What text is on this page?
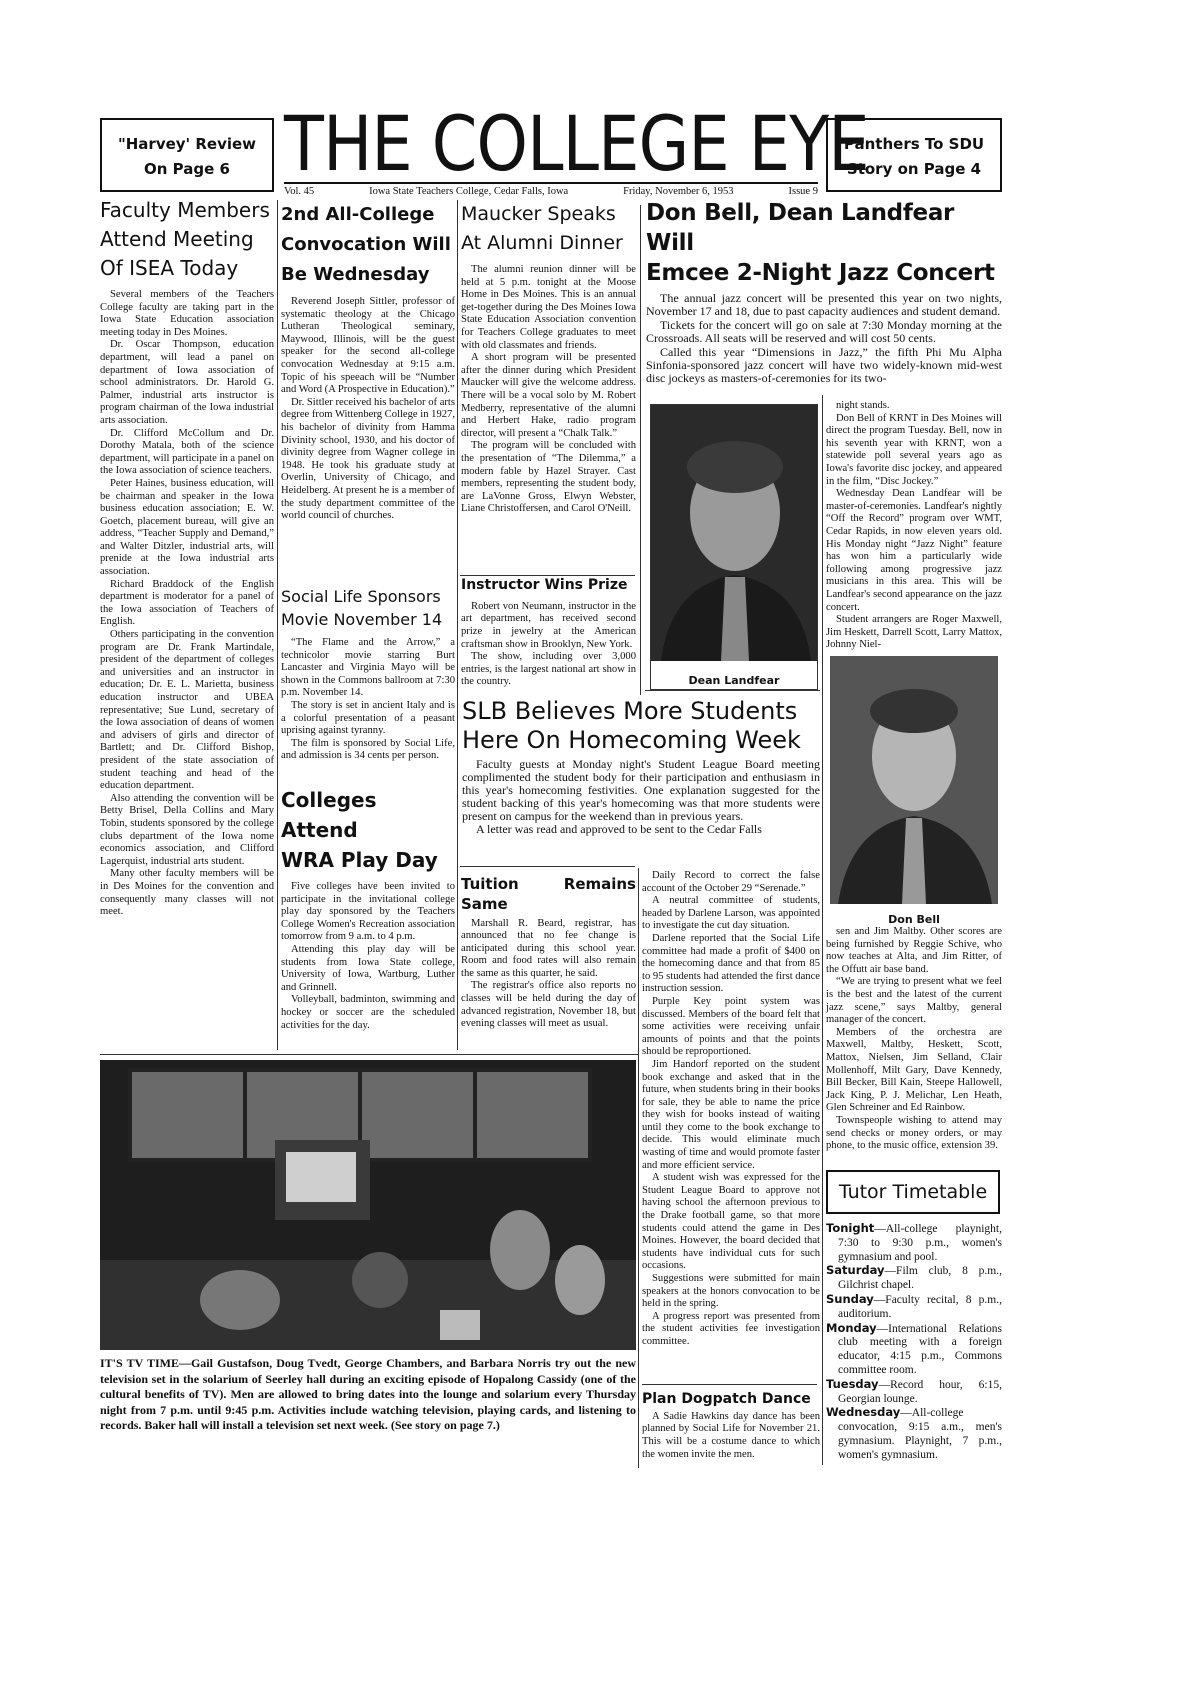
"Harvey' Review
On Page 6 THE COLLEGE EYE
Vol. 45	Iowa State Teachers College, Cedar Falls, Iowa	Friday, November 6, 1953	Issue 9
Panthers To SDU
Story on Page 4
Faculty Members
Attend Meeting
Of ISEA Today

Several members of the Teachers College faculty are taking part in the Iowa State Education association meeting today in Des Moines.

Dr. Oscar Thompson, education department, will lead a panel on department of Iowa association of school administrators. Dr. Harold G. Palmer, industrial arts instructor is program chairman of the Iowa industrial arts association.

Dr. Clifford McCollum and Dr. Dorothy Matala, both of the science department, will participate in a panel on the Iowa association of science teachers.

Peter Haines, business education, will be chairman and speaker in the Iowa business education association; E. W. Goetch, placement bureau, will give an address, “Teacher Supply and Demand,” and Walter Ditzler, industrial arts, will prenide at the Iowa industrial arts association.

Richard Braddock of the English department is moderator for a panel of the Iowa association of Teachers of English.

Others participating in the convention program are Dr. Frank Martindale, president of the department of colleges and universities and an instructor in education; Dr. E. L. Marietta, business education instructor and UBEA representative; Sue Lund, secretary of the Iowa association of deans of women and advisers of girls and director of Bartlett; and Dr. Clifford Bishop, president of the state association of student teaching and head of the education department.

Also attending the convention will be Betty Brisel, Della Collins and Mary Tobin, students sponsored by the college clubs department of the Iowa nome economics association, and Clifford Lagerquist, industrial arts student.

Many other faculty members will be in Des Moines for the convention and consequently many classes will not meet.

2nd All-College
Convocation Will
Be Wednesday

Reverend Joseph Sittler, professor of systematic theology at the Chicago Lutheran Theological seminary, Maywood, Illinois, will be the guest speaker for the second all-college convocation Wednesday at 9:15 a.m. Topic of his speeach will be “Number and Word (A Prospective in Education).”

Dr. Sittler received his bachelor of arts degree from Wittenberg College in 1927, his bachelor of divinity from Hamma Divinity school, 1930, and his doctor of divinity degree from Wagner college in 1948. He took his graduate study at Overlin, University of Chicago, and Heidelberg. At present he is a member of the study department committee of the world council of churches.

Social Life Sponsors
Movie November 14

“The Flame and the Arrow,” a technicolor movie starring Burt Lancaster and Virginia Mayo will be shown in the Commons ballroom at 7:30 p.m. November 14.

The story is set in ancient Italy and is a colorful presentation of a peasant uprising against tyranny.

The film is sponsored by Social Life, and admission is 34 cents per person.

Colleges Attend
WRA Play Day

Five colleges have been invited to participate in the invitational college play day sponsored by the Teachers College Women's Recreation association tomorrow from 9 a.m. to 4 p.m.

Attending this play day will be students from Iowa State college, University of Iowa, Wartburg, Luther and Grinnell.

Volleyball, badminton, swimming and hockey or soccer are the scheduled activities for the day.

Maucker Speaks
At Alumni Dinner

The alumni reunion dinner will be held at 5 p.m. tonight at the Moose Home in Des Moines. This is an annual get-together during the Des Moines Iowa State Education Association convention for Teachers College graduates to meet with old classmates and friends.

A short program will be presented after the dinner during which President Maucker will give the welcome address. There will be a vocal solo by M. Robert Medberry, representative of the alumni and Herbert Hake, radio program director, will present a “Chalk Talk.”

The program will be concluded with the presentation of “The Dilemma,” a modern fable by Hazel Strayer. Cast members, representing the student body, are LaVonne Gross, Elwyn Webster, Liane Christoffersen, and Carol O'Neill.

Instructor Wins Prize

Robert von Neumann, instructor in the art department, has received second prize in jewelry at the American craftsman show in Brooklyn, New York.

The show, including over 3,000 entries, is the largest national art show in the country.

Don Bell, Dean Landfear Will
Emcee 2-Night Jazz Concert

The annual jazz concert will be presented this year on two nights, November 17 and 18, due to past capacity audiences and student demand.

Tickets for the concert will go on sale at 7:30 Monday morning at the Crossroads. All seats will be reserved and will cost 50 cents.

Called this year “Dimensions in Jazz,” the fifth Phi Mu Alpha Sinfonia-sponsored jazz concert will have two widely-known mid-west disc jockeys as masters-of-ceremonies for its two-

Dean Landfear

night stands.

Don Bell of KRNT in Des Moines will direct the program Tuesday. Bell, now in his seventh year with KRNT, won a statewide poll several years ago as Iowa's favorite disc jockey, and appeared in the film, “Disc Jockey.”

Wednesday Dean Landfear will be master-of-ceremonies. Landfear's nightly “Off the Record” program over WMT, Cedar Rapids, in now eleven years old. His Monday night “Jazz Night” feature has won him a particularly wide following among progressive jazz musicians in this area. This will be Landfear's second appearance on the jazz concert.

Student arrangers are Roger Maxwell, Jim Heskett, Darrell Scott, Larry Mattox, Johnny Niel-

Don Bell

sen and Jim Maltby. Other scores are being furnished by Reggie Schive, who now teaches at Alta, and Jim Ritter, of the Offutt air base band.

“We are trying to present what we feel is the best and the latest of the current jazz scene,” says Maltby, general manager of the concert.

Members of the orchestra are Maxwell, Maltby, Heskett, Scott, Mattox, Nielsen, Jim Selland, Clair Mollenhoff, Milt Gary, Dave Kennedy, Bill Becker, Bill Kain, Steepe Hallowell, Jack King, P. J. Melichar, Len Heath, Glen Schreiner and Ed Rainbow.

Townspeople wishing to attend may send checks or money orders, or may phone, to the music office, extension 39.

SLB Believes More Students
Here On Homecoming Week

Faculty guests at Monday night's Student League Board meeting complimented the student body for their participation and enthusiasm in this year's homecoming festivities. One explanation suggested for the student backing of this year's homecoming was that more students were present on campus for the weekend than in previous years.

A letter was read and approved to be sent to the Cedar Falls

Daily Record to correct the false account of the October 29 “Serenade.”

A neutral committee of students, headed by Darlene Larson, was appointed to investigate the cut day situation.

Darlene reported that the Social Life committee had made a profit of $400 on the homecoming dance and that from 85 to 95 students had attended the first dance instruction session.

Purple Key point system was discussed. Members of the board felt that some activities were receiving unfair amounts of points and that the points should be reproportioned.

Jim Handorf reported on the student book exchange and asked that in the future, when students bring in their books for sale, they be able to name the price they wish for books instead of waiting until they come to the book exchange to decide. This would eliminate much wasting of time and would promote faster and more efficient service.

A student wish was expressed for the Student League Board to approve not having school the afternoon previous to the Drake football game, so that more students could attend the game in Des Moines. However, the board decided that students have individual cuts for such occasions.

Suggestions were submitted for main speakers at the honors convocation to be held in the spring.

A progress report was presented from the student activities fee investigation committee.

Tuition Remains Same

Marshall R. Beard, registrar, has announced that no fee change is anticipated during this school year. Room and food rates will also remain the same as this quarter, he said.

The registrar's office also reports no classes will be held during the day of advanced registration, November 18, but evening classes will meet as usual.

IT'S TV TIME—Gail Gustafson, Doug Tvedt, George Chambers, and Barbara Norris try out the new television set in the solarium of Seerley hall during an exciting episode of Hopalong Cassidy (one of the cultural benefits of TV). Men are allowed to bring dates into the lounge and solarium every Thursday night from 7 p.m. until 9:45 p.m. Activities include watching television, playing cards, and listening to records. Baker hall will install a television set next week. (See story on page 7.)
Plan Dogpatch Dance

A Sadie Hawkins day dance has been planned by Social Life for November 21. This will be a costume dance to which the women invite the men.

Tutor Timetable

Tonight—All-college playnight, 7:30 to 9:30 p.m., women's gymnasium and pool.

Saturday—Film club, 8 p.m., Gilchrist chapel.

Sunday—Faculty recital, 8 p.m., auditorium.

Monday—International Relations club meeting with a foreign educator, 4:15 p.m., Commons committee room.

Tuesday—Record hour, 6:15, Georgian lounge.

Wednesday—All-college convocation, 9:15 a.m., men's gymnasium. Playnight, 7 p.m., women's gymnasium.
